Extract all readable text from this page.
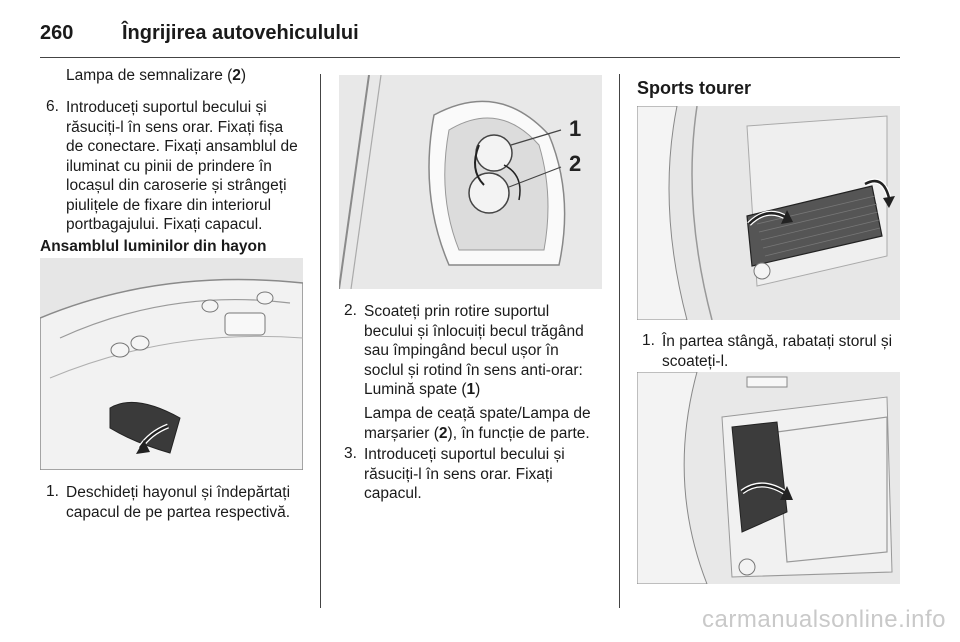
260 Îngrijirea autovehiculului
Lampa de semnalizare (2)
6. Introduceți suportul becului și
răsuciți-l în sens orar. Fixați fișa
de conectare. Fixați ansamblul de
iluminat cu pinii de prindere în
locașul din caroserie și strângeți
piulițele de fixare din interiorul
portbagajului. Fixați capacul.
Ansamblul luminilor din hayon
1. Deschideți hayonul și îndepărtați
capacul de pe partea respectivă.
1
2
2. Scoateți prin rotire suportul
becului și înlocuiți becul trăgând
sau împingând becul ușor în
soclul și rotind în sens anti-orar:
Lumină spate (1)
Lampa de ceață spate/Lampa de
marșarier (2), în funcție de parte.
3. Introduceți suportul becului și
răsuciți-l în sens orar. Fixați
capacul.
Sports tourer
1. În partea stângă, rabatați storul și
scoateți-l.
carmanualsonline.info
